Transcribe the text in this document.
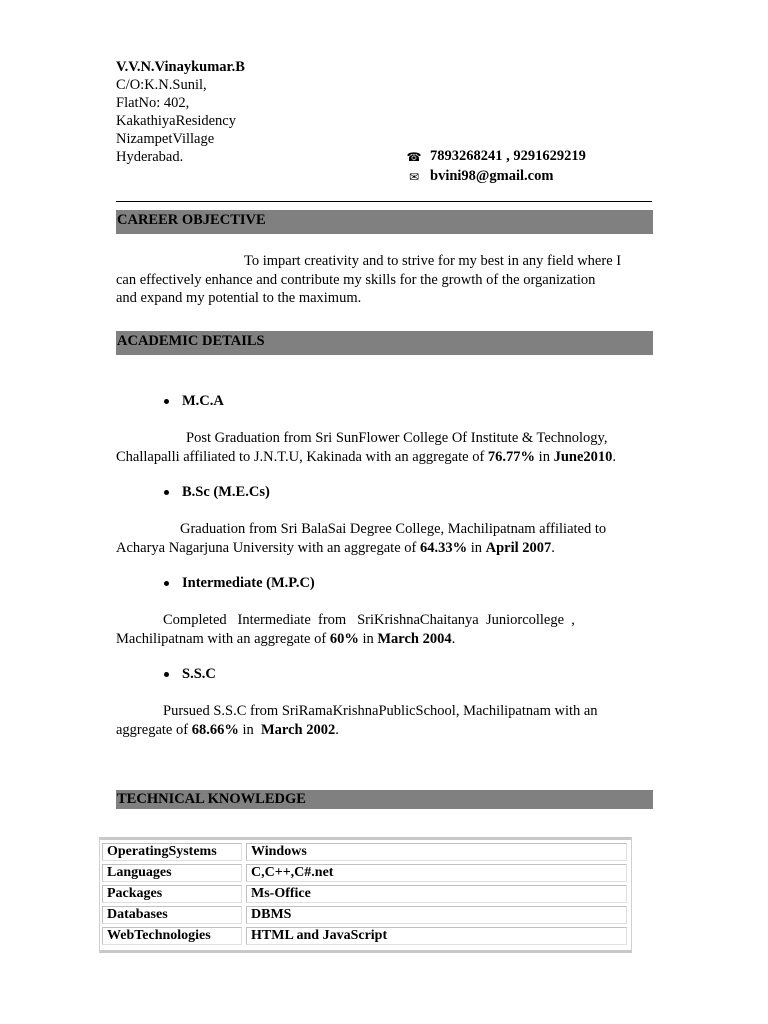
V.V.N.Vinaykumar.B
C/O:K.N.Sunil,
FlatNo: 402,
KakathiyaResidency
NizampetVillage
Hyderabad.	☎ 7893268241 , 9291629219
✉ bvini98@gmail.com
CAREER OBJECTIVE
To impart creativity and to strive for my best in any field where I
can effectively enhance and contribute my skills for the growth of the organization
and expand my potential to the maximum.
ACADEMIC DETAILS
M.C.A
Post Graduation from Sri SunFlower College Of Institute & Technology,
Challapalli affiliated to J.N.T.U, Kakinada with an aggregate of 76.77% in June2010.
B.Sc (M.E.Cs)
Graduation from Sri BalaSai Degree College, Machilipatnam affiliated to
Acharya Nagarjuna University with an aggregate of 64.33% in April 2007.
Intermediate (M.P.C)
Completed   Intermediate  from   SriKrishnaChaitanya  Juniorcollege  ,
Machilipatnam with an aggregate of 60% in March 2004.
S.S.C
Pursued S.S.C from SriRamaKrishnaPublicSchool, Machilipatnam with an
aggregate of 68.66% in  March 2002.
TECHNICAL KNOWLEDGE
OperatingSystems	Windows
Languages	C,C++,C#.net
Packages	Ms-Office
Databases	DBMS
WebTechnologies	HTML and JavaScript
